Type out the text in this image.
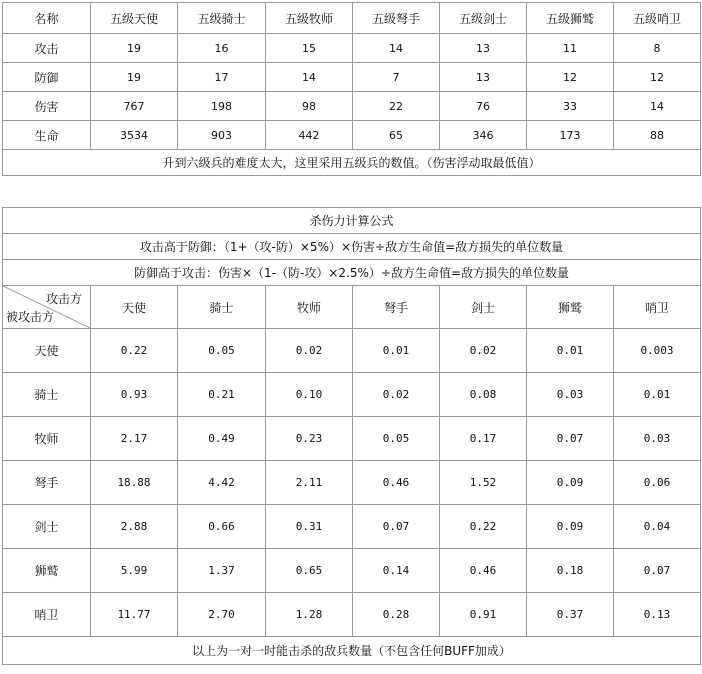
名称	五级天使	五级骑士	五级牧师	五级弩手	五级剑士	五级狮鹫	五级哨卫
攻击	19	16	15	14	13	11	8
防御	19	17	14	7	13	12	12
伤害	767	198	98	22	76	33	14
生命	3534	903	442	65	346	173	88
升到六级兵的难度太大，这里采用五级兵的数值。（伤害浮动取最低值）							
杀伤力计算公式							
攻击高于防御：（1+（攻-防）×5%）×伤害÷敌方生命值=敌方损失的单位数量							
防御高于攻击：伤害×（1-（防-攻）×2.5%）÷敌方生命值=敌方损失的单位数量							

攻击方
被攻击方	天使	骑士	牧师	弩手	剑士	狮鹫	哨卫
天使	0.22	0.05	0.02	0.01	0.02	0.01	0.003
骑士	0.93	0.21	0.10	0.02	0.08	0.03	0.01
牧师	2.17	0.49	0.23	0.05	0.17	0.07	0.03
弩手	18.88	4.42	2.11	0.46	1.52	0.09	0.06
剑士	2.88	0.66	0.31	0.07	0.22	0.09	0.04
狮鹫	5.99	1.37	0.65	0.14	0.46	0.18	0.07
哨卫	11.77	2.70	1.28	0.28	0.91	0.37	0.13
以上为一对一时能击杀的敌兵数量（不包含任何BUFF加成）							
